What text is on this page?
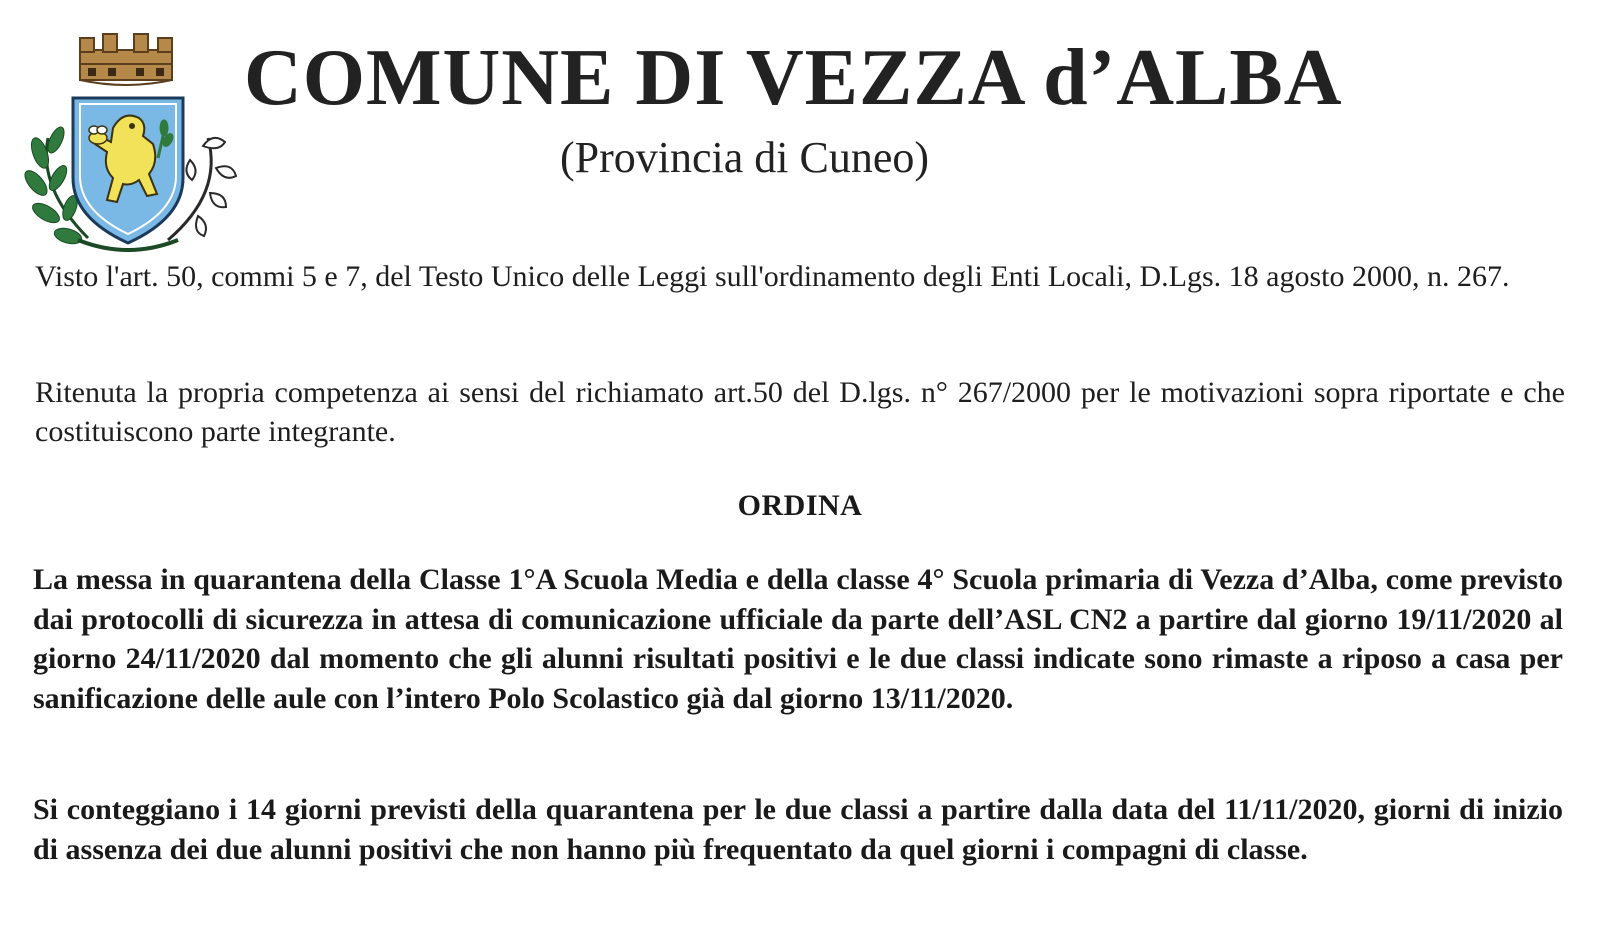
COMUNE DI VEZZA d’ALBA
(Provincia di Cuneo)

Visto l'art. 50, commi 5 e 7, del Testo Unico delle Leggi sull'ordinamento degli Enti Locali, D.Lgs. 18 agosto 2000, n. 267.

Ritenuta la propria competenza ai sensi del richiamato art.50 del D.lgs. n° 267/2000 per le motivazioni sopra riportate e che costituiscono parte integrante.

ORDINA

La messa in quarantena della Classe 1°A Scuola Media e della classe 4° Scuola primaria di Vezza d’Alba, come previsto dai protocolli di sicurezza in attesa di comunicazione ufficiale da parte dell’ASL CN2 a partire dal giorno 19/11/2020 al giorno 24/11/2020 dal momento che gli alunni risultati positivi e le due classi indicate sono rimaste a riposo a casa per sanificazione delle aule con l’intero Polo Scolastico già dal giorno 13/11/2020.

Si conteggiano i 14 giorni previsti della quarantena per le due classi a partire dalla data del 11/11/2020, giorni di inizio di assenza dei due alunni positivi che non hanno più frequentato da quel giorni i compagni di classe.
